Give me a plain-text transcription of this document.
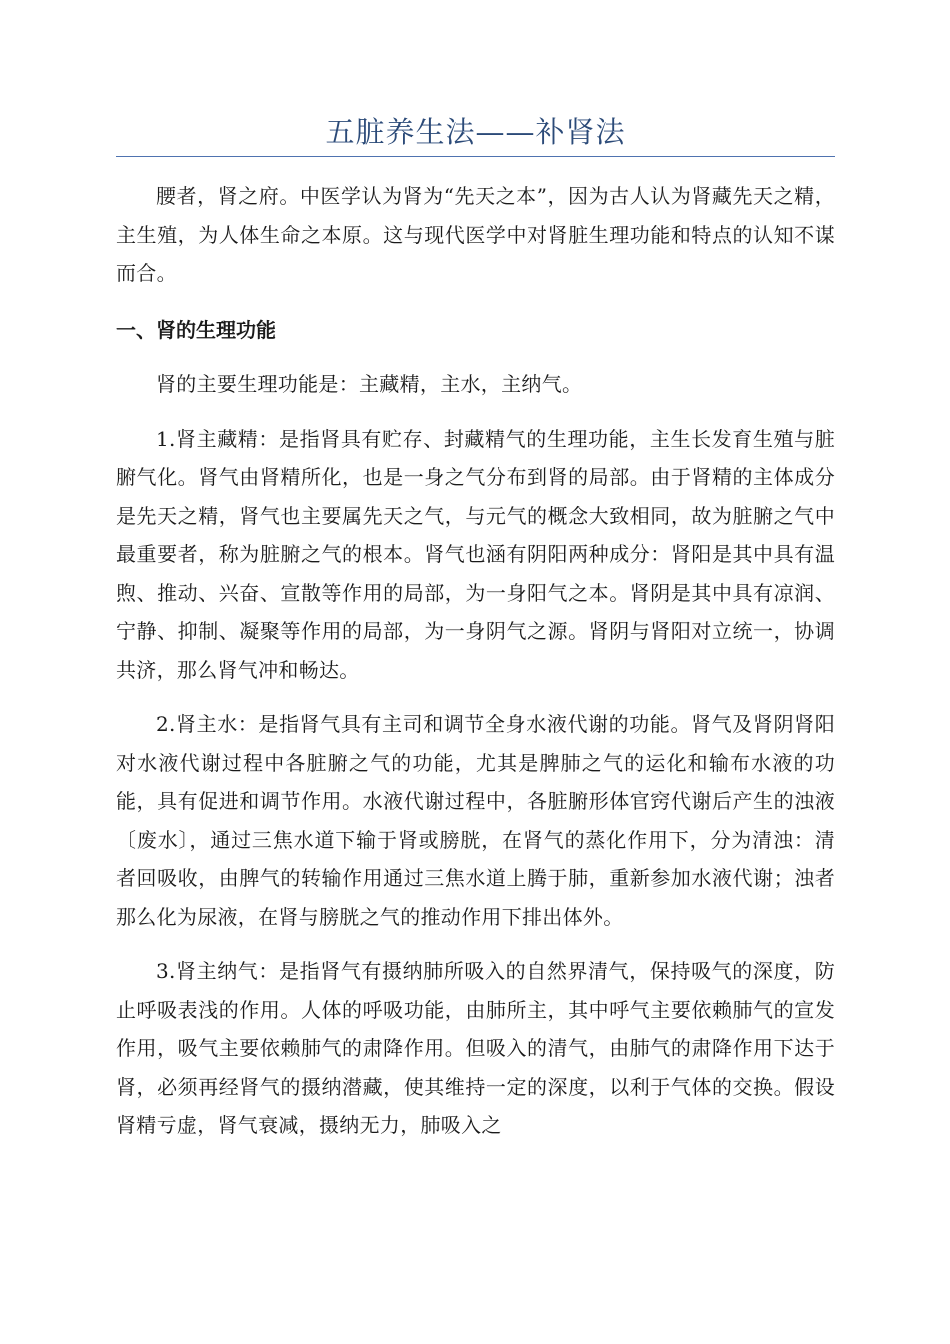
五脏养生法——补肾法

腰者，肾之府。中医学认为肾为“先天之本”，因为古人认为肾藏先天之精，主生殖，为人体生命之本原。这与现代医学中对肾脏生理功能和特点的认知不谋而合。

一、肾的生理功能

肾的主要生理功能是：主藏精，主水，主纳气。

1.肾主藏精：是指肾具有贮存、封藏精气的生理功能，主生长发育生殖与脏腑气化。肾气由肾精所化，也是一身之气分布到肾的局部。由于肾精的主体成分是先天之精，肾气也主要属先天之气，与元气的概念大致相同，故为脏腑之气中最重要者，称为脏腑之气的根本。肾气也涵有阴阳两种成分：肾阳是其中具有温煦、推动、兴奋、宣散等作用的局部，为一身阳气之本。肾阴是其中具有凉润、宁静、抑制、凝聚等作用的局部，为一身阴气之源。肾阴与肾阳对立统一，协调共济，那么肾气冲和畅达。

2.肾主水：是指肾气具有主司和调节全身水液代谢的功能。肾气及肾阴肾阳对水液代谢过程中各脏腑之气的功能，尤其是脾肺之气的运化和输布水液的功能，具有促进和调节作用。水液代谢过程中，各脏腑形体官窍代谢后产生的浊液〔废水〕，通过三焦水道下输于肾或膀胱，在肾气的蒸化作用下，分为清浊：清者回吸收，由脾气的转输作用通过三焦水道上腾于肺，重新参加水液代谢；浊者那么化为尿液，在肾与膀胱之气的推动作用下排出体外。

3.肾主纳气：是指肾气有摄纳肺所吸入的自然界清气，保持吸气的深度，防止呼吸表浅的作用。人体的呼吸功能，由肺所主，其中呼气主要依赖肺气的宣发作用，吸气主要依赖肺气的肃降作用。但吸入的清气，由肺气的肃降作用下达于肾，必须再经肾气的摄纳潜藏，使其维持一定的深度，以利于气体的交换。假设肾精亏虚，肾气衰减，摄纳无力，肺吸入之
